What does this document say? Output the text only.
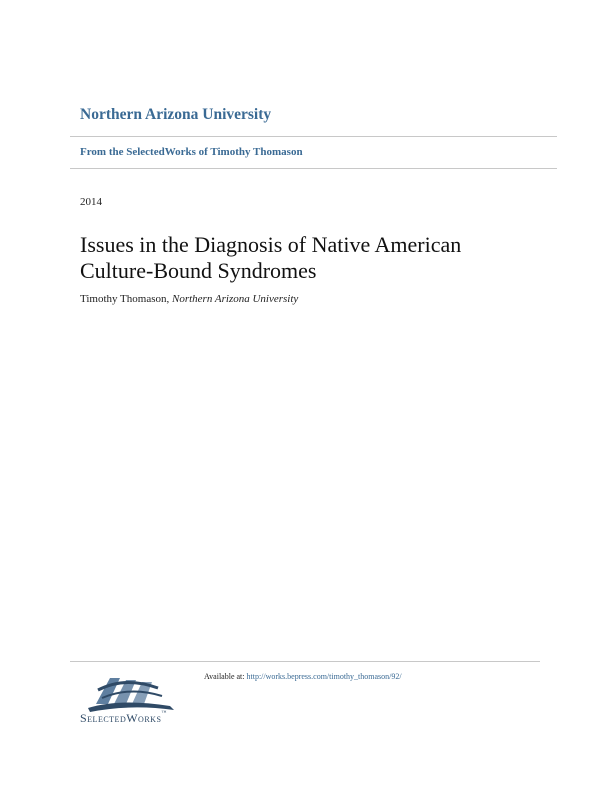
Northern Arizona University
From the SelectedWorks of Timothy Thomason
2014
Issues in the Diagnosis of Native American
Culture-Bound Syndromes
Timothy Thomason, Northern Arizona University
Available at: http://works.bepress.com/timothy_thomason/92/
SelectedWorks™
